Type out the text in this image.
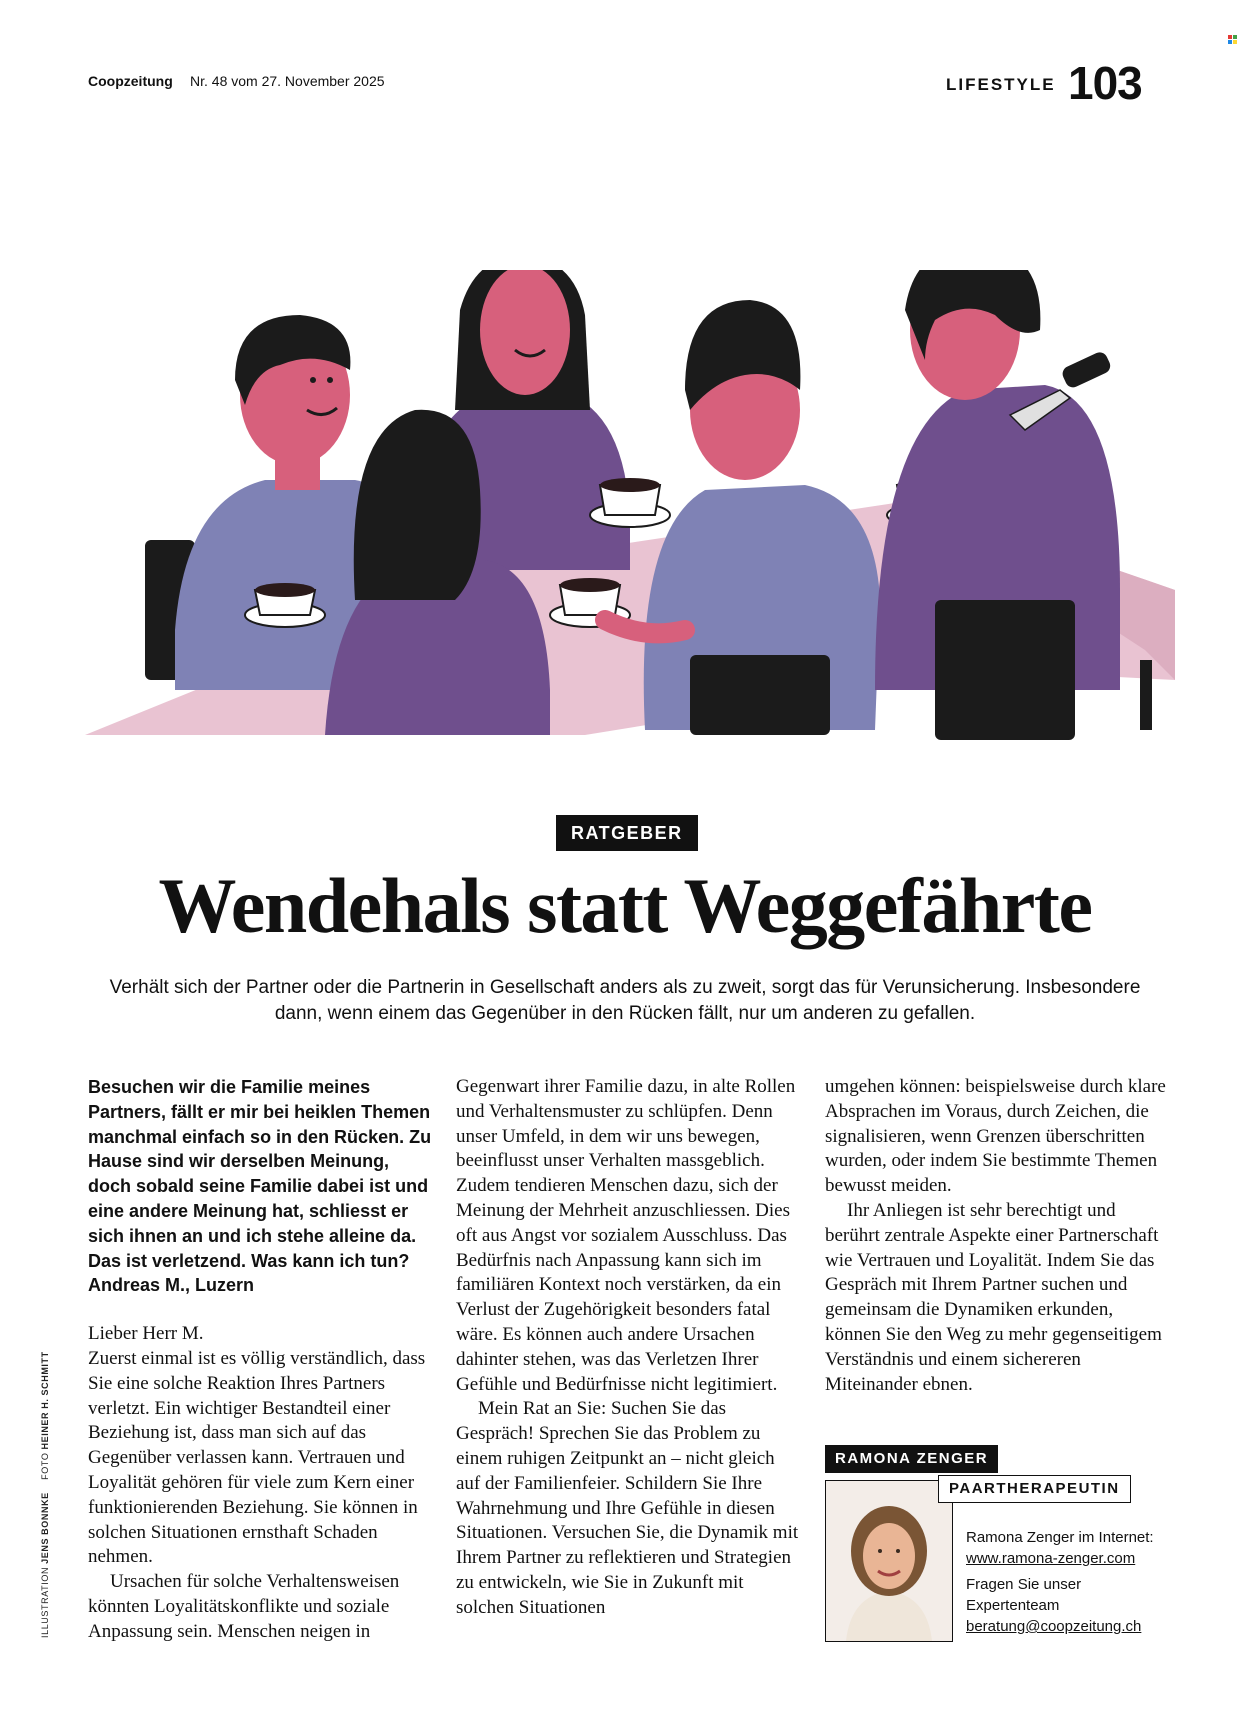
Coopzeitung Nr. 48 vom 27. November 2025	LIFESTYLE 103
RATGEBER
Wendehals statt Weggefährte

Verhält sich der Partner oder die Partnerin in Gesellschaft anders als zu zweit, sorgt das für Verunsicherung. Insbesondere dann, wenn einem das Gegenüber in den Rücken fällt, nur um anderen zu gefallen.

Besuchen wir die Familie meines Partners, fällt er mir bei heiklen Themen manchmal einfach so in den Rücken. Zu Hause sind wir derselben Meinung, doch sobald seine Familie dabei ist und eine andere Meinung hat, schliesst er sich ihnen an und ich stehe alleine da. Das ist verletzend. Was kann ich tun?
Andreas M., Luzern

Lieber Herr M.

Zuerst einmal ist es völlig verständlich, dass Sie eine solche Reaktion Ihres Partners verletzt. Ein wichtiger Bestandteil einer Beziehung ist, dass man sich auf das Gegenüber verlassen kann. Vertrauen und Loyalität gehören für viele zum Kern einer funktionierenden Beziehung. Sie können in solchen Situationen ernsthaft Schaden nehmen.

Ursachen für solche Verhaltensweisen könnten Loyalitätskonflikte und soziale Anpassung sein. Menschen neigen in

Gegenwart ihrer Familie dazu, in alte Rollen und Verhaltensmuster zu schlüpfen. Denn unser Umfeld, in dem wir uns bewegen, beeinflusst unser Verhalten massgeblich. Zudem tendieren Menschen dazu, sich der Meinung der Mehrheit anzuschliessen. Dies oft aus Angst vor sozialem Ausschluss. Das Bedürfnis nach Anpassung kann sich im familiären Kontext noch verstärken, da ein Verlust der Zugehörigkeit besonders fatal wäre. Es können auch andere Ursachen dahinter stehen, was das Verletzen Ihrer Gefühle und Bedürfnisse nicht legitimiert.

Mein Rat an Sie: Suchen Sie das Gespräch! Sprechen Sie das Problem zu einem ruhigen Zeitpunkt an – nicht gleich auf der Familienfeier. Schildern Sie Ihre Wahrnehmung und Ihre Gefühle in diesen Situationen. Versuchen Sie, die Dynamik mit Ihrem Partner zu reflektieren und Strategien zu entwickeln, wie Sie in Zukunft mit solchen Situationen

umgehen können: beispielsweise durch klare Absprachen im Voraus, durch Zeichen, die signalisieren, wenn Grenzen überschritten wurden, oder indem Sie bestimmte Themen bewusst meiden.

Ihr Anliegen ist sehr berechtigt und berührt zentrale Aspekte einer Partnerschaft wie Vertrauen und Loyalität. Indem Sie das Gespräch mit Ihrem Partner suchen und gemeinsam die Dynamiken erkunden, können Sie den Weg zu mehr gegenseitigem Verständnis und einem sichereren Miteinander ebnen.

RAMONA ZENGER
PAARTHERAPEUTIN

Ramona Zenger im Internet:

www.ramona-zenger.com

Fragen Sie unser Expertenteam

beratung@coopzeitung.ch

ILLUSTRATION JENS BONNKE    FOTO HEINER H. SCHMITT
